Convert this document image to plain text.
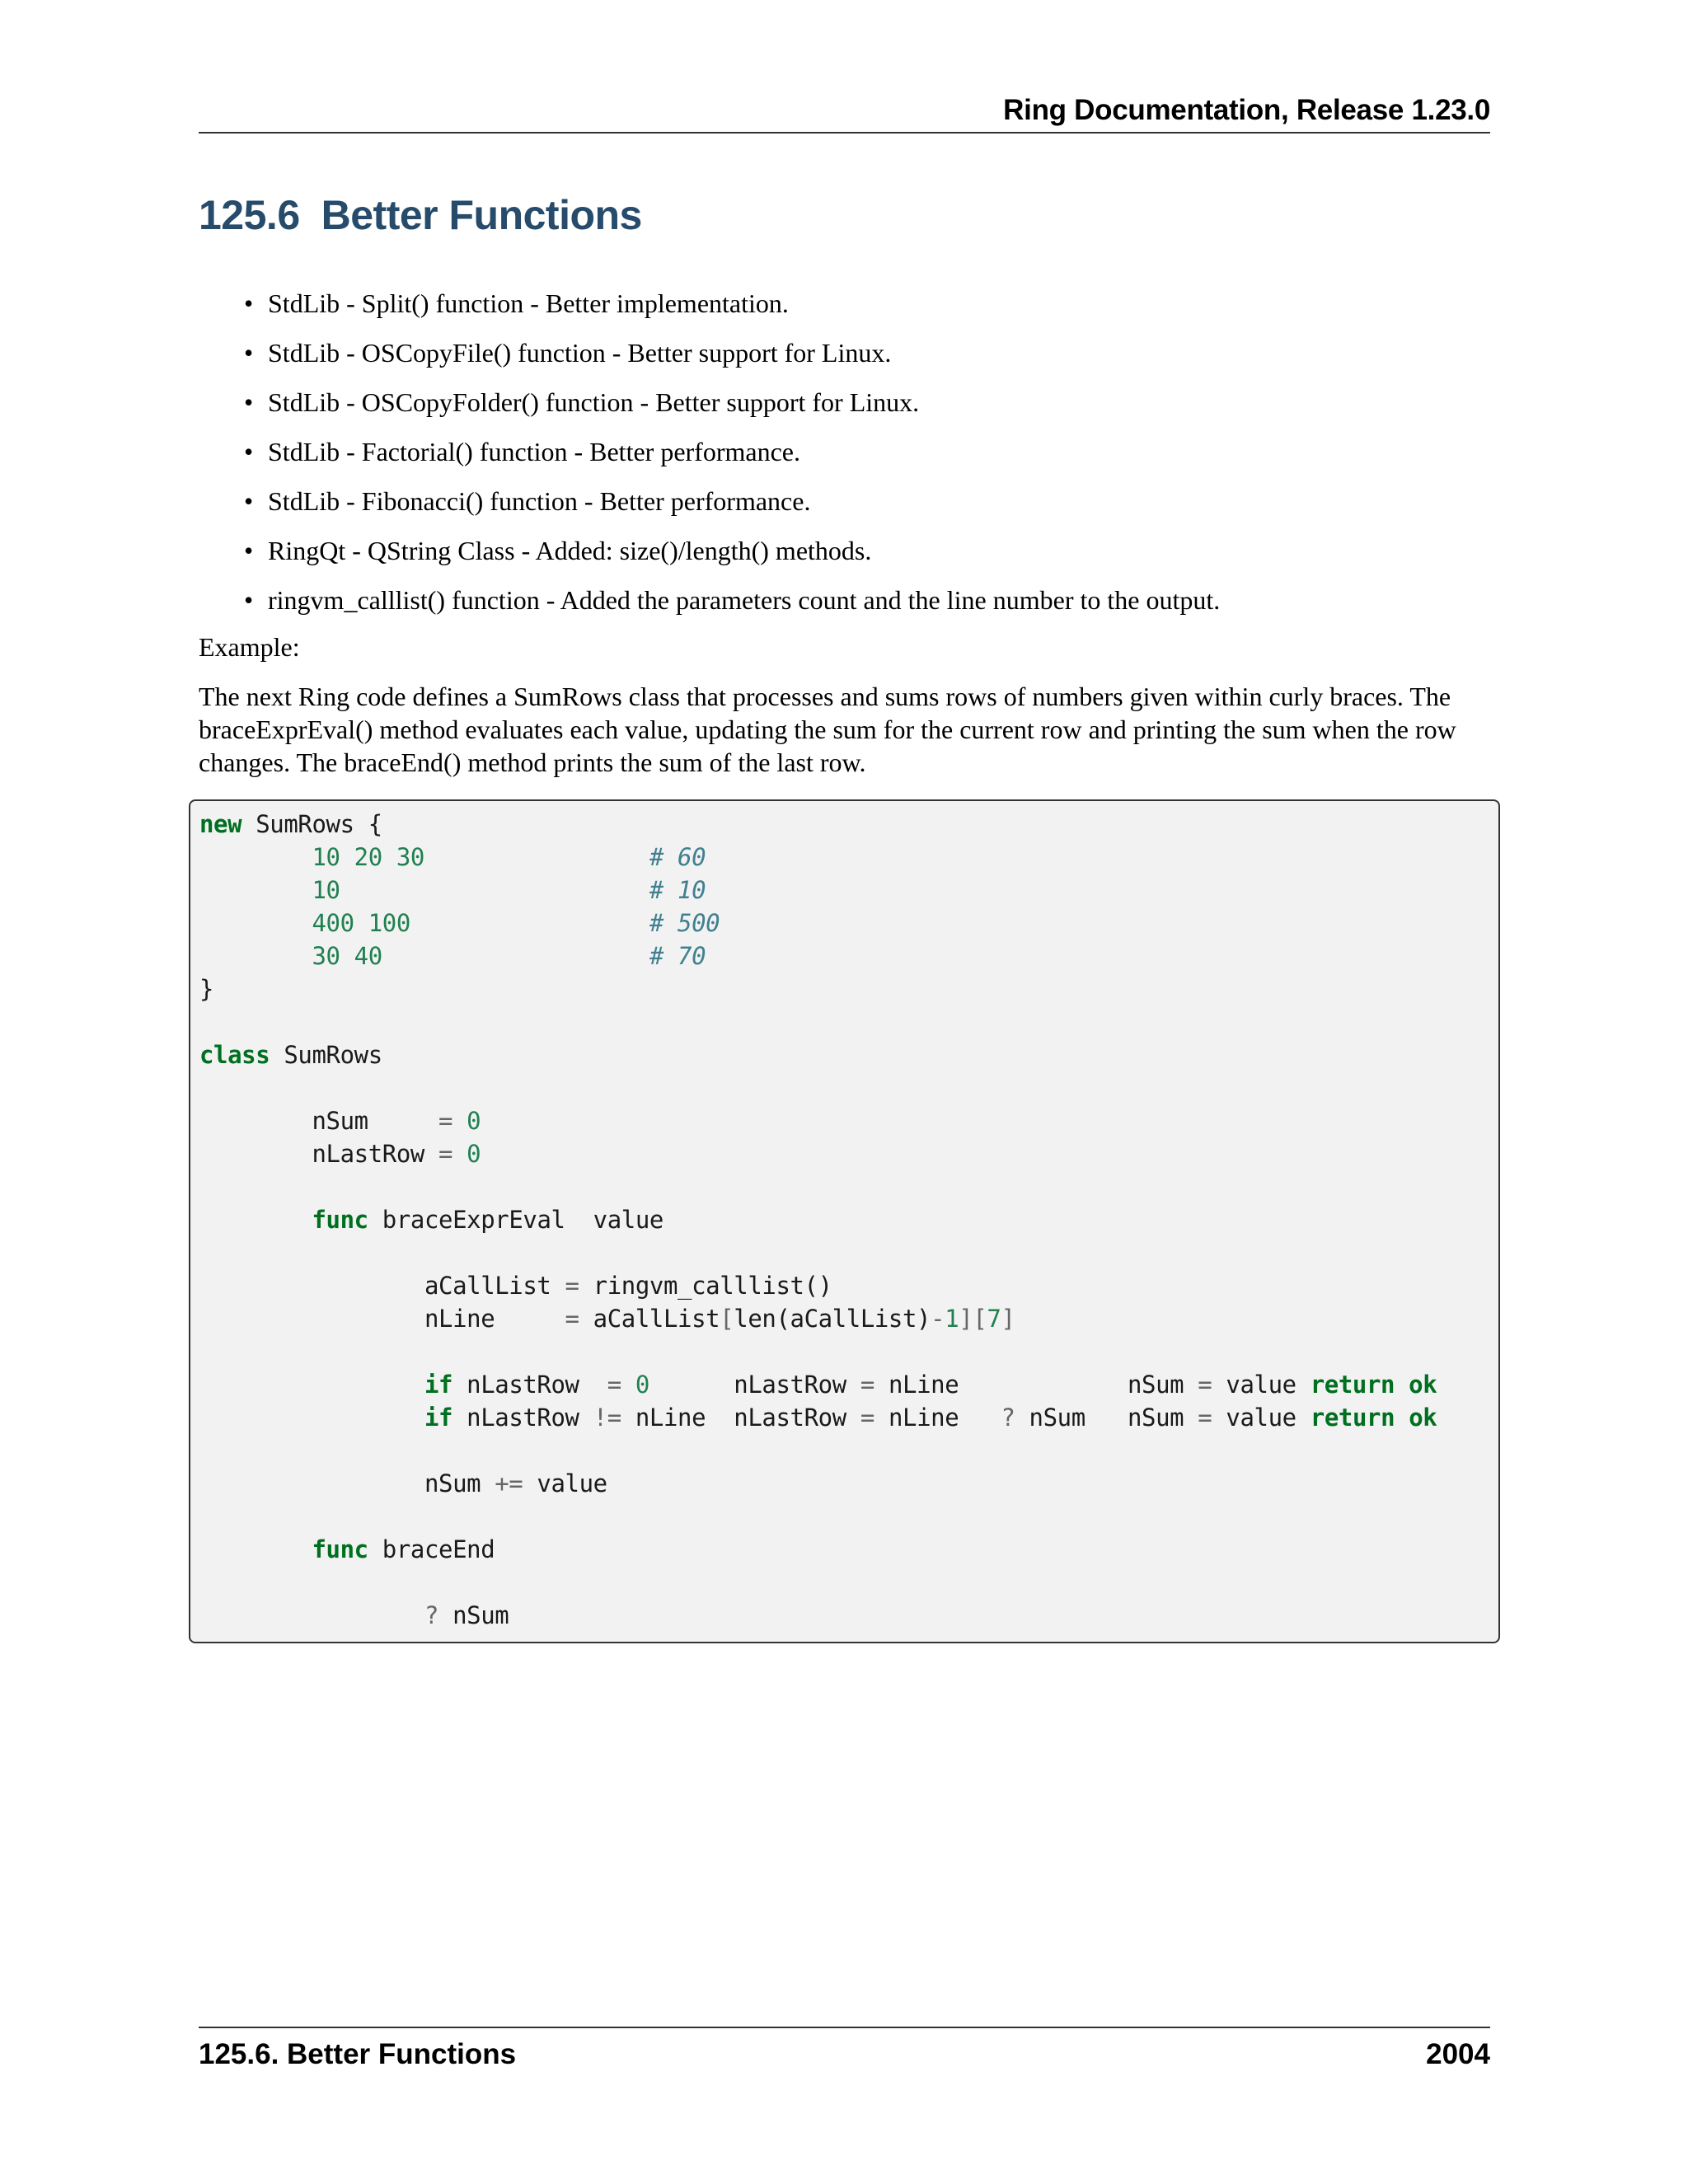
Ring Documentation, Release 1.23.0
125.6 Better Functions
• StdLib - Split() function - Better implementation.
• StdLib - OSCopyFile() function - Better support for Linux.
• StdLib - OSCopyFolder() function - Better support for Linux.
• StdLib - Factorial() function - Better performance.
• StdLib - Fibonacci() function - Better performance.
• RingQt - QString Class - Added: size()/length() methods.
• ringvm_calllist() function - Added the parameters count and the line number to the output.

Example:

The next Ring code defines a SumRows class that processes and sums rows of numbers given within curly braces. The braceExprEval() method evaluates each value, updating the sum for the current row and printing the sum when the row changes. The braceEnd() method prints the sum of the last row.

new SumRows {
10 20 30	# 60
10	# 10
400 100	# 500
30 40	# 70
}

class SumRows

nSum	= 0
nLastRow = 0

func braceExprEval  value

aCallList = ringvm_calllist()
nLine	= aCallList[len(aCallList)-1][7]

if nLastRow  = 0      nLastRow = nLine            nSum = value return ok
if nLastRow != nLine  nLastRow = nLine   ? nSum   nSum = value return ok

nSum += value

func braceEnd

? nSum
125.6. Better Functions	2004
